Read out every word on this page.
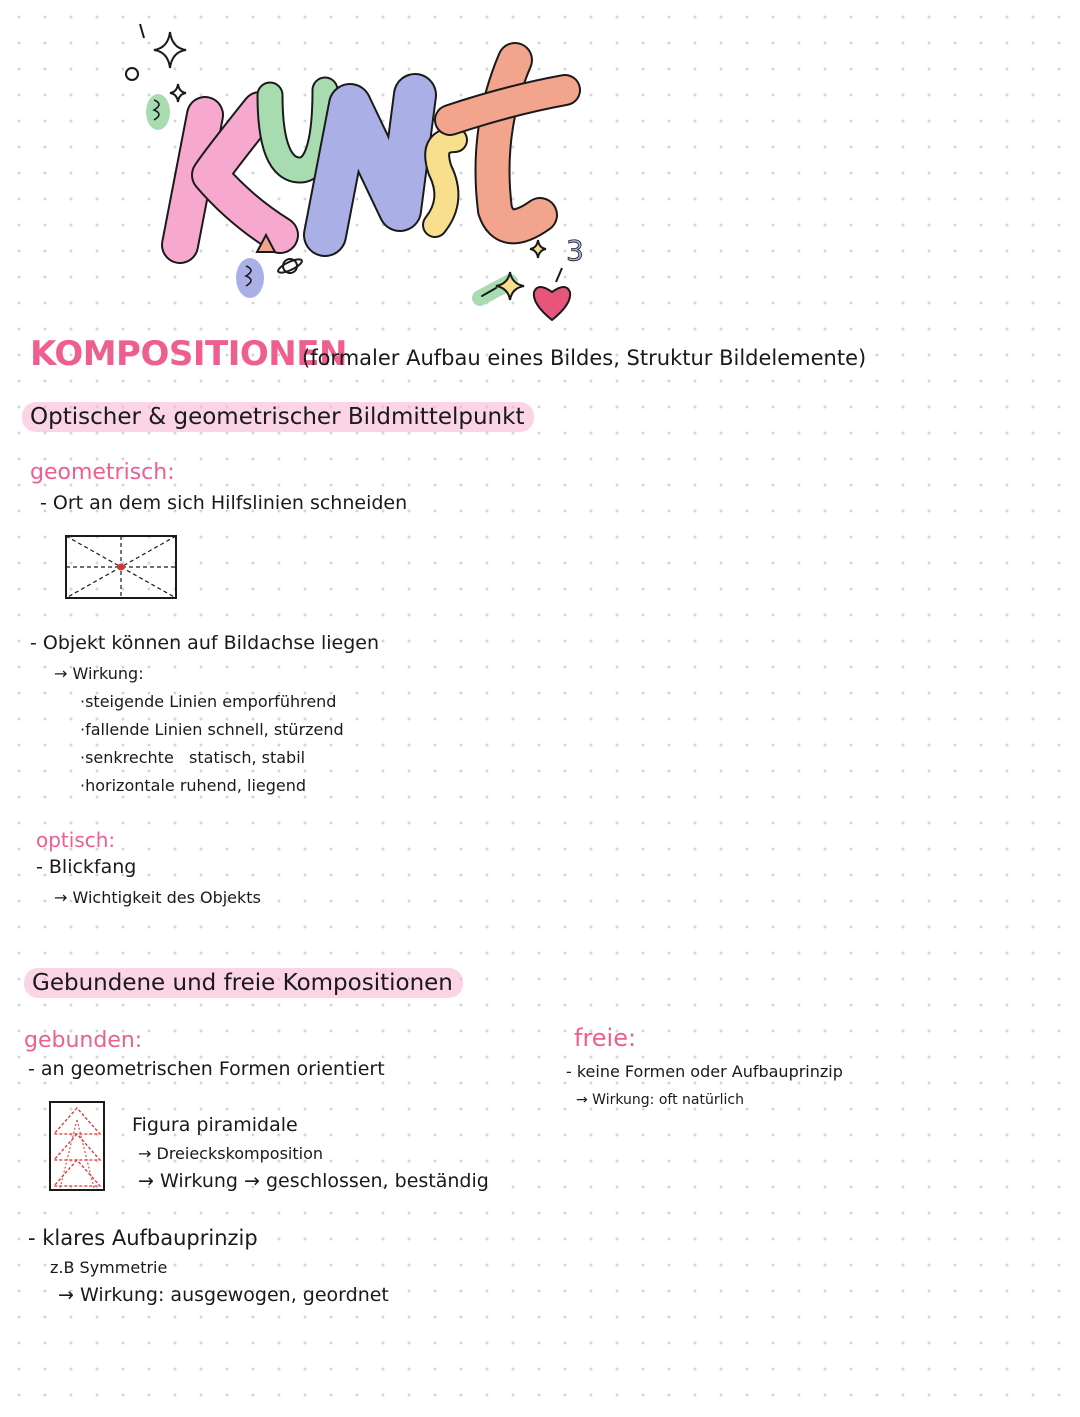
3
KOMPOSITIONEN
(formaler Aufbau eines Bildes, Struktur Bildelemente)
Optischer & geometrischer Bildmittelpunkt
geometrisch:
- Ort an dem sich Hilfslinien schneiden
- Objekt können auf Bildachse liegen
→ Wirkung:
·steigende Linien emporführend
·fallende Linien schnell, stürzend
·senkrechte   statisch, stabil
·horizontale ruhend, liegend
optisch:
- Blickfang
→ Wichtigkeit des Objekts
Gebundene und freie Kompositionen
gebunden:
- an geometrischen Formen orientiert
Figura piramidale
→ Dreieckskomposition
→ Wirkung → geschlossen, beständig
- klares Aufbauprinzip
z.B Symmetrie
→ Wirkung: ausgewogen, geordnet
freie:
- keine Formen oder Aufbauprinzip
→ Wirkung: oft natürlich
